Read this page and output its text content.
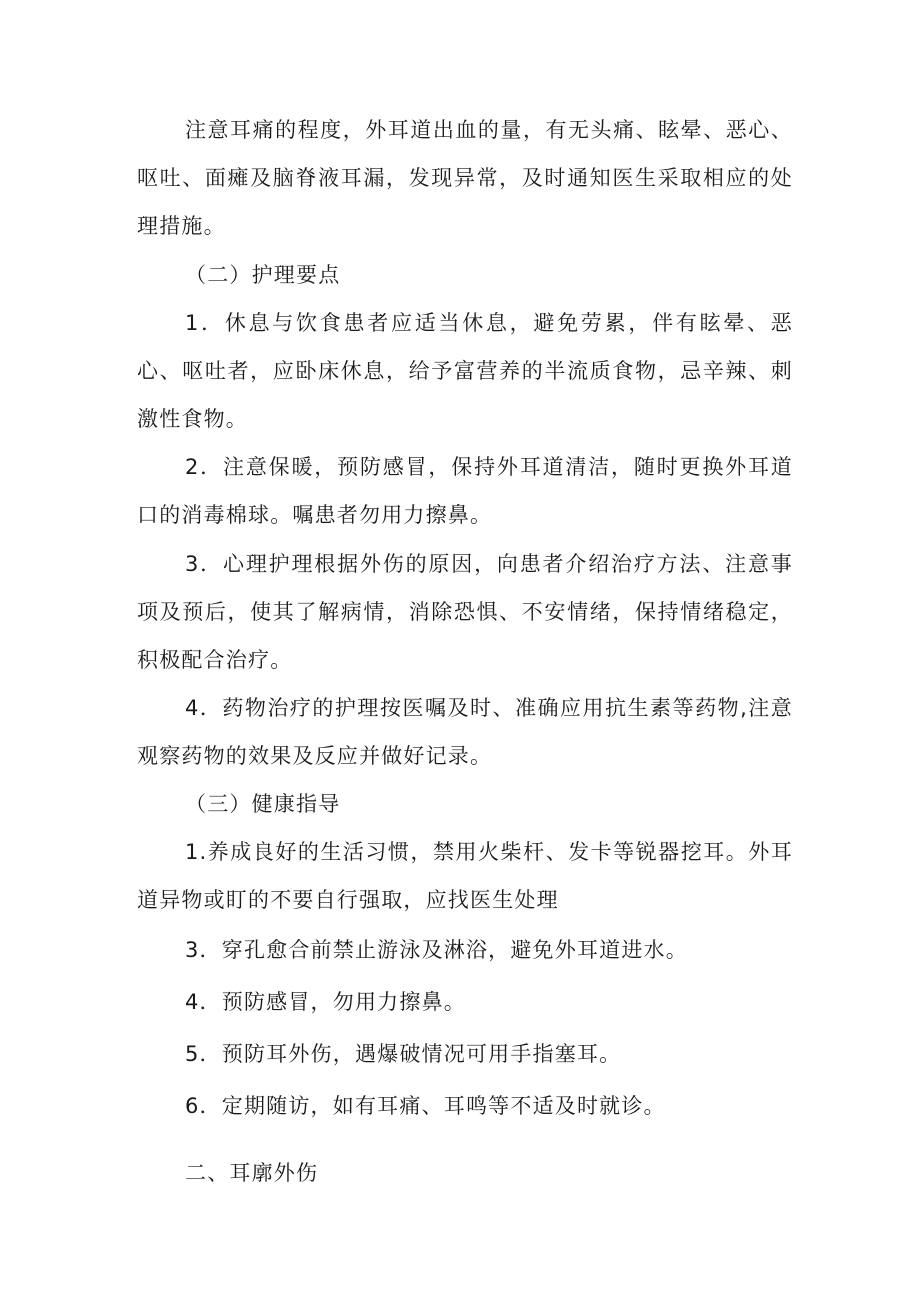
注意耳痛的程度，外耳道出血的量，有无头痛、眩晕、恶心、呕吐、面瘫及脑脊液耳漏，发现异常，及时通知医生采取相应的处理措施。

（二）护理要点

1．休息与饮食患者应适当休息，避免劳累，伴有眩晕、恶心、呕吐者，应卧床休息，给予富营养的半流质食物，忌辛辣、刺激性食物。

2．注意保暖，预防感冒，保持外耳道清洁，随时更换外耳道口的消毒棉球。嘱患者勿用力擦鼻。

3．心理护理根据外伤的原因，向患者介绍治疗方法、注意事项及预后，使其了解病情，消除恐惧、不安情绪，保持情绪稳定，积极配合治疗。

4．药物治疗的护理按医嘱及时、准确应用抗生素等药物,注意观察药物的效果及反应并做好记录。

（三）健康指导

1.养成良好的生活习惯，禁用火柴杆、发卡等锐器挖耳。外耳道异物或盯的不要自行强取，应找医生处理

3．穿孔愈合前禁止游泳及淋浴，避免外耳道进水。

4．预防感冒，勿用力擦鼻。

5．预防耳外伤，遇爆破情况可用手指塞耳。

6．定期随访，如有耳痛、耳鸣等不适及时就诊。

二、耳廓外伤
